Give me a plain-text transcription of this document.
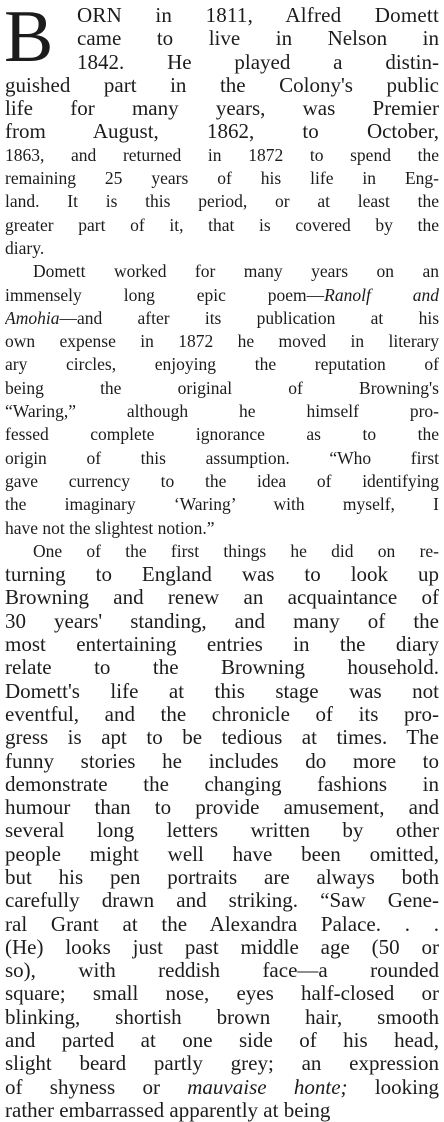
B	ORN in 1811, Alfred Domett
came to live in Nelson in
1842. He played a distin-
guished part in the Colony's public
life for many years, was Premier
from August, 1862, to October,
1863, and returned in 1872 to spend the
remaining 25 years of his life in Eng-
land. It is this period, or at least the
greater part of it, that is covered by the
diary.
Domett worked for many years on an
immensely long epic poem—Ranolf and
Amohia—and after its publication at his
own expense in 1872 he moved in literary
ary circles, enjoying the reputation of
being the original of Browning's
“Waring,” although he himself pro-
fessed complete ignorance as to the
origin of this assumption. “Who first
gave currency to the idea of identifying
the imaginary ‘Waring’ with myself, I
have not the slightest notion.”
One of the first things he did on re-
turning to England was to look up
Browning and renew an acquaintance of
30 years' standing, and many of the
most entertaining entries in the diary
relate to the Browning household.
Domett's life at this stage was not
eventful, and the chronicle of its pro-
gress is apt to be tedious at times. The
funny stories he includes do more to
demonstrate the changing fashions in
humour than to provide amusement, and
several long letters written by other
people might well have been omitted,
but his pen portraits are always both
carefully drawn and striking. “Saw Gene-
ral Grant at the Alexandra Palace. . .
(He) looks just past middle age (50 or
so), with reddish face—a rounded
square; small nose, eyes half-closed or
blinking, shortish brown hair, smooth
and parted at one side of his head,
slight beard partly grey; an expression
of shyness or mauvaise honte; looking
rather embarrassed apparently at being
